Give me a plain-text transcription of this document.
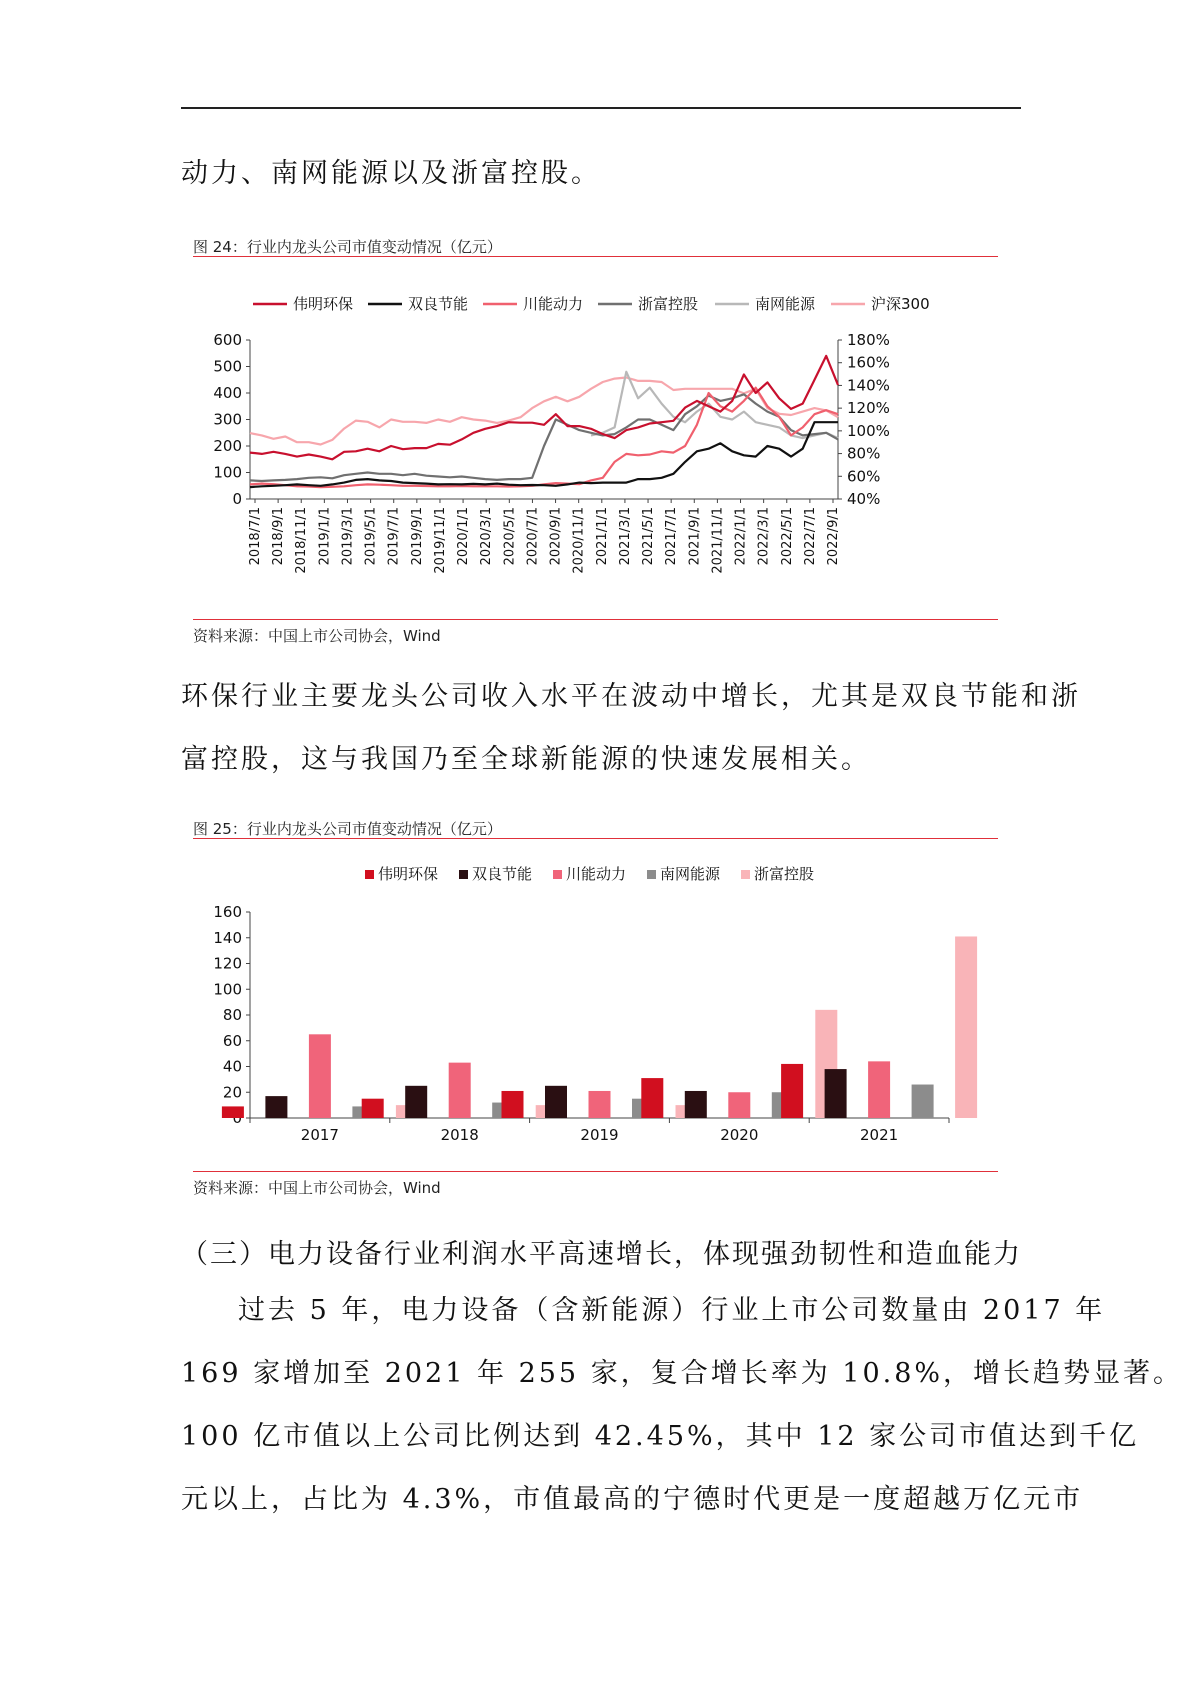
动力、南网能源以及浙富控股。
图 24：行业内龙头公司市值变动情况（亿元）
伟明环保	双良节能	川能动力	浙富控股	南网能源	沪深300
0
100
200
300
400
500
600
40%
60%
80%
100%
120%
140%
160%
180%
2018/7/1 2018/9/1 2018/11/1 2019/1/1 2019/3/1 2019/5/1 2019/7/1 2019/9/1 2019/11/1 2020/1/1 2020/3/1 2020/5/1 2020/7/1 2020/9/1 2020/11/1 2021/1/1 2021/3/1 2021/5/1 2021/7/1 2021/9/1 2021/11/1 2022/1/1 2022/3/1 2022/5/1 2022/7/1 2022/9/1
资料来源：中国上市公司协会，Wind
环保行业主要龙头公司收入水平在波动中增长，尤其是双良节能和浙
富控股，这与我国乃至全球新能源的快速发展相关。
图 25：行业内龙头公司市值变动情况（亿元）
伟明环保 双良节能 川能动力 南网能源 浙富控股
20
40
60
80
100
120
140
160
2017	2018	2019	2020	2021
资料来源：中国上市公司协会，Wind
（三）电力设备行业利润水平高速增长，体现强劲韧性和造血能力
过去 5 年，电力设备（含新能源）行业上市公司数量由 2017 年
169 家增加至 2021 年 255 家，复合增长率为 10.8%，增长趋势显著。
100 亿市值以上公司比例达到 42.45%，其中 12 家公司市值达到千亿
元以上，占比为 4.3%，市值最高的宁德时代更是一度超越万亿元市
